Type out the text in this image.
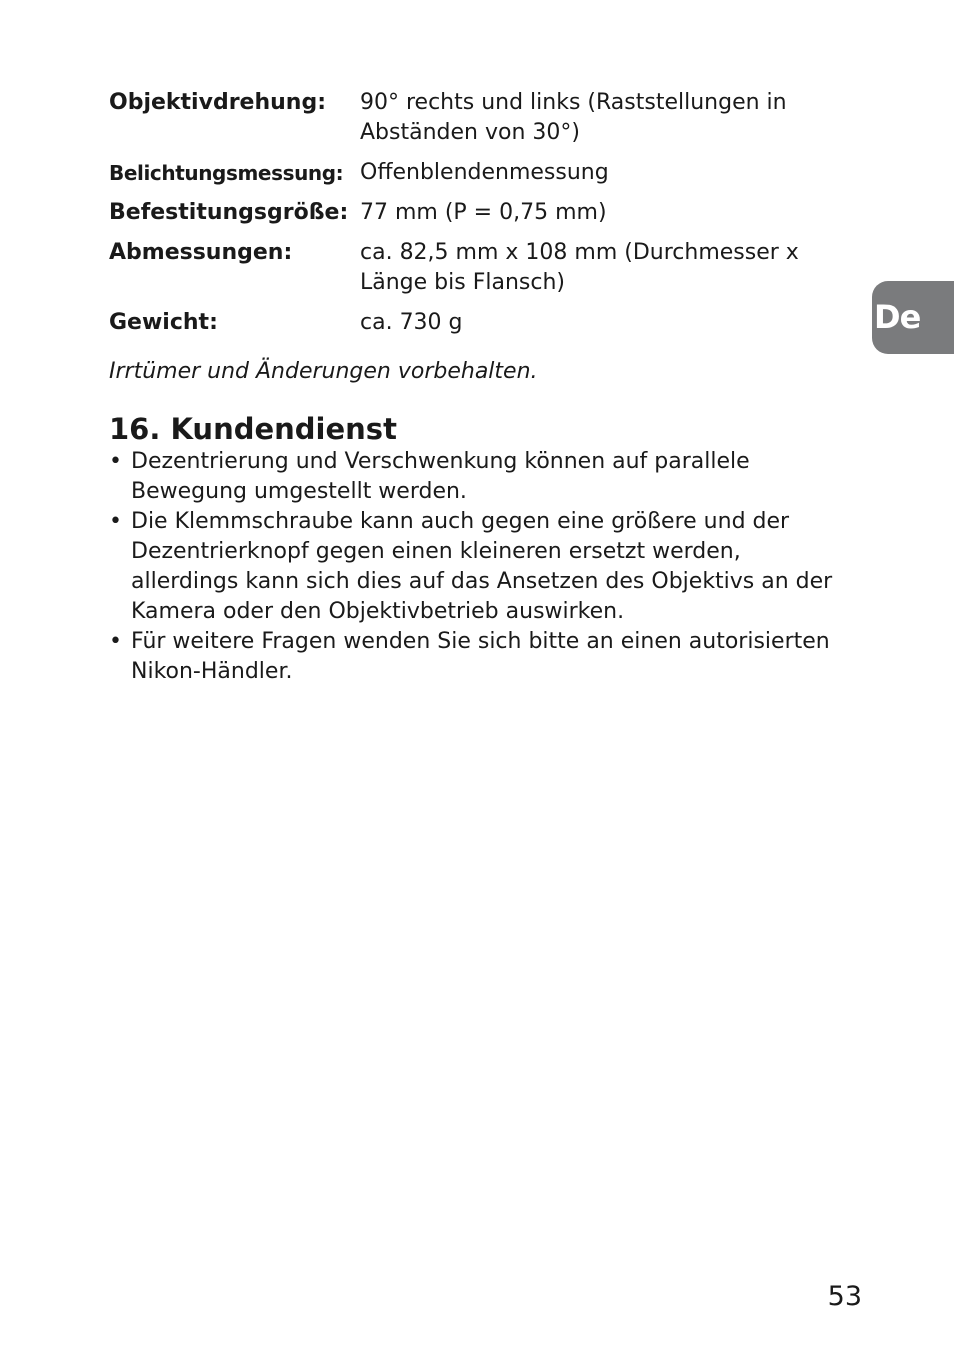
Objektivdrehung:	90° rechts und links (Raststellungen in Abständen von 30°)
Belichtungsmessung: Offenblendenmessung
Befestitungsgröße: 77 mm (P = 0,75 mm)
Abmessungen:	ca. 82,5 mm x 108 mm (Durchmesser x Länge bis Flansch)
Gewicht:	ca. 730 g
Irrtümer und Änderungen vorbehalten.
16. Kundendienst
• Dezentrierung und Verschwenkung können auf parallele Bewegung umgestellt werden.
• Die Klemmschraube kann auch gegen eine größere und der Dezentrierknopf gegen einen kleineren ersetzt werden, allerdings kann sich dies auf das Ansetzen des Objektivs an der Kamera oder den Objektivbetrieb auswirken.
• Für weitere Fragen wenden Sie sich bitte an einen autorisierten Nikon-Händler.
De
53
